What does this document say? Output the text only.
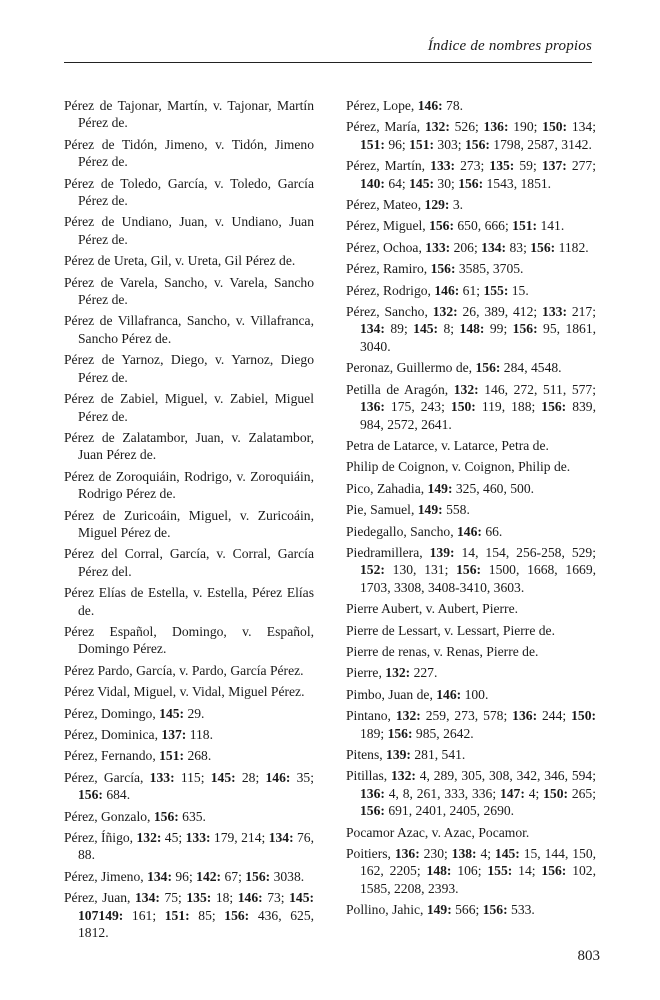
Índice de nombres propios
Pérez de Tajonar, Martín, v. Tajonar, Martín Pérez de.
Pérez de Tidón, Jimeno, v. Tidón, Jimeno Pérez de.
Pérez de Toledo, García, v. Toledo, García Pérez de.
Pérez de Undiano, Juan, v. Undiano, Juan Pérez de.
Pérez de Ureta, Gil, v. Ureta, Gil Pérez de.
Pérez de Varela, Sancho, v. Varela, Sancho Pérez de.
Pérez de Villafranca, Sancho, v. Villafranca, Sancho Pérez de.
Pérez de Yarnoz, Diego, v. Yarnoz, Diego Pérez de.
Pérez de Zabiel, Miguel, v. Zabiel, Miguel Pérez de.
Pérez de Zalatambor, Juan, v. Zalatambor, Juan Pérez de.
Pérez de Zoroquiáin, Rodrigo, v. Zoroquiáin, Rodrigo Pérez de.
Pérez de Zuricoáin, Miguel, v. Zuricoáin, Miguel Pérez de.
Pérez del Corral, García, v. Corral, García Pérez del.
Pérez Elías de Estella, v. Estella, Pérez Elías de.
Pérez Español, Domingo, v. Español, Domingo Pérez.
Pérez Pardo, García, v. Pardo, García Pérez.
Pérez Vidal, Miguel, v. Vidal, Miguel Pérez.
Pérez, Domingo, 145: 29.
Pérez, Dominica, 137: 118.
Pérez, Fernando, 151: 268.
Pérez, García, 133: 115; 145: 28; 146: 35; 156: 684.
Pérez, Gonzalo, 156: 635.
Pérez, Íñigo, 132: 45; 133: 179, 214; 134: 76, 88.
Pérez, Jimeno, 134: 96; 142: 67; 156: 3038.
Pérez, Juan, 134: 75; 135: 18; 146: 73; 145: 107149: 161; 151: 85; 156: 436, 625, 1812.
Pérez, Lope, 146: 78.
Pérez, María, 132: 526; 136: 190; 150: 134; 151: 96; 151: 303; 156: 1798, 2587, 3142.
Pérez, Martín, 133: 273; 135: 59; 137: 277; 140: 64; 145: 30; 156: 1543, 1851.
Pérez, Mateo, 129: 3.
Pérez, Miguel, 156: 650, 666; 151: 141.
Pérez, Ochoa, 133: 206; 134: 83; 156: 1182.
Pérez, Ramiro, 156: 3585, 3705.
Pérez, Rodrigo, 146: 61; 155: 15.
Pérez, Sancho, 132: 26, 389, 412; 133: 217; 134: 89; 145: 8; 148: 99; 156: 95, 1861, 3040.
Peronaz, Guillermo de, 156: 284, 4548.
Petilla de Aragón, 132: 146, 272, 511, 577; 136: 175, 243; 150: 119, 188; 156: 839, 984, 2572, 2641.
Petra de Latarce, v. Latarce, Petra de.
Philip de Coignon, v. Coignon, Philip de.
Pico, Zahadia, 149: 325, 460, 500.
Pie, Samuel, 149: 558.
Piedegallo, Sancho, 146: 66.
Piedramillera, 139: 14, 154, 256-258, 529; 152: 130, 131; 156: 1500, 1668, 1669, 1703, 3308, 3408-3410, 3603.
Pierre Aubert, v. Aubert, Pierre.
Pierre de Lessart, v. Lessart, Pierre de.
Pierre de renas, v. Renas, Pierre de.
Pierre, 132: 227.
Pimbo, Juan de, 146: 100.
Pintano, 132: 259, 273, 578; 136: 244; 150: 189; 156: 985, 2642.
Pitens, 139: 281, 541.
Pitillas, 132: 4, 289, 305, 308, 342, 346, 594; 136: 4, 8, 261, 333, 336; 147: 4; 150: 265; 156: 691, 2401, 2405, 2690.
Pocamor Azac, v. Azac, Pocamor.
Poitiers, 136: 230; 138: 4; 145: 15, 144, 150, 162, 2205; 148: 106; 155: 14; 156: 102, 1585, 2208, 2393.
Pollino, Jahic, 149: 566; 156: 533.
803
